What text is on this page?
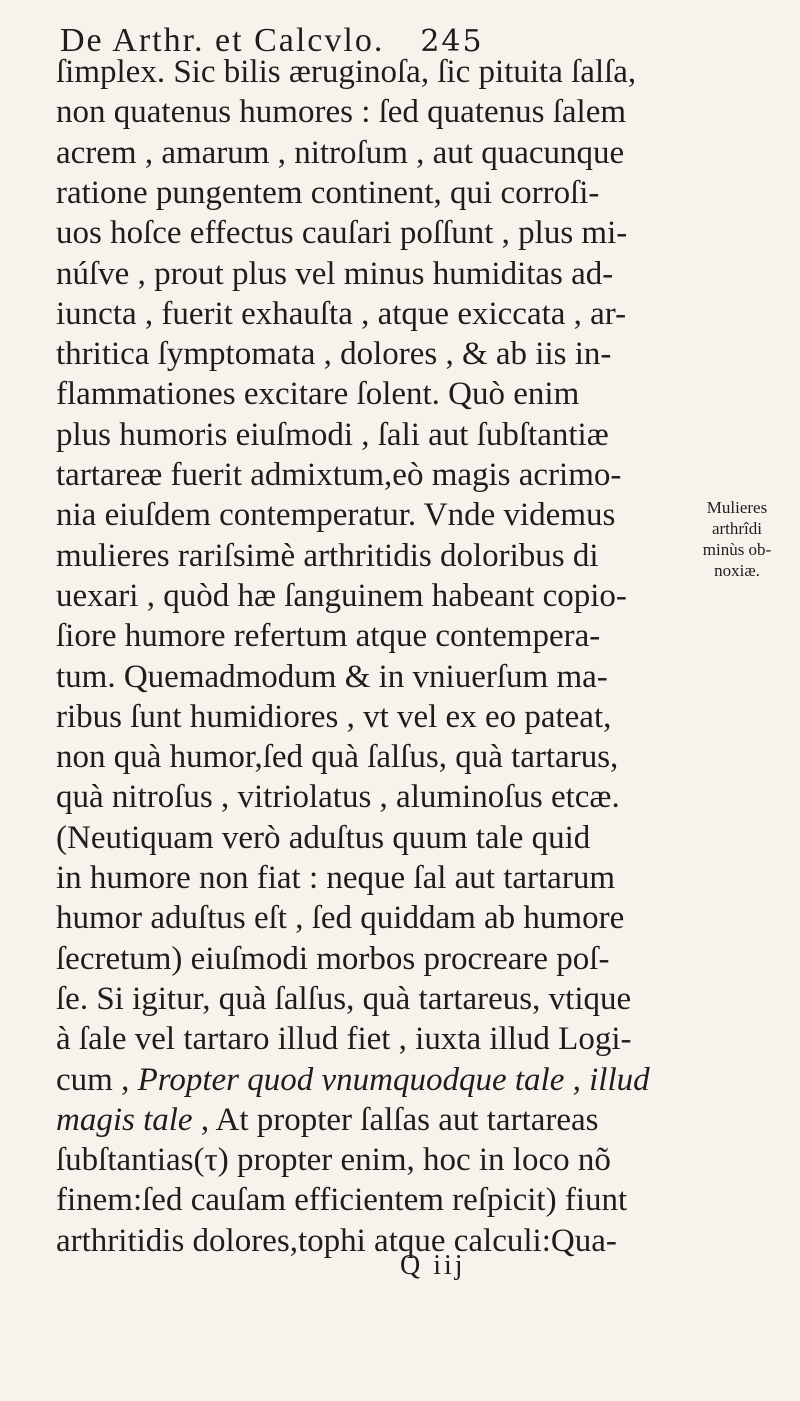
De Arthr. et Calcvlo. 245
ſimplex. Sic bilis æruginoſa, ſic pituita ſalſa,
non quatenus humores : ſed quatenus ſalem
acrem , amarum , nitroſum , aut quacunque
ratione pungentem continent, qui corroſi-
uos hoſce effectus cauſari poſſunt , plus mi-
núſve , prout plus vel minus humiditas ad-
iuncta , fuerit exhauſta , atque exiccata , ar-
thritica ſymptomata , dolores , & ab iis in-
flammationes excitare ſolent. Quò enim
plus humoris eiuſmodi , ſali aut ſubſtantiæ
tartareæ fuerit admixtum,eò magis acrimo-
nia eiuſdem contemperatur. Vnde videmus
mulieres rariſsimè arthritidis doloribus di
uexari , quòd hæ ſanguinem habeant copio-
ſiore humore refertum atque contempera-
tum. Quemadmodum & in vniuerſum ma-
ribus ſunt humidiores , vt vel ex eo pateat,
non quà humor,ſed quà ſalſus, quà tartarus,
quà nitroſus , vitriolatus , aluminoſus etcæ.
(Neutiquam verò aduſtus quum tale quid
in humore non fiat : neque ſal aut tartarum
humor aduſtus eſt , ſed quiddam ab humore
ſecretum) eiuſmodi morbos procreare poſ-
ſe. Si igitur, quà ſalſus, quà tartareus, vtique
à ſale vel tartaro illud fiet , iuxta illud Logi-
cum , Propter quod vnumquodque tale , illud
magis tale , At propter ſalſas aut tartareas
ſubſtantias(τ) propter enim, hoc in loco nõ
finem:ſed cauſam efficientem reſpicit) fiunt
arthritidis dolores,tophi atque calculi:Qua-
Mulieres
arthrîdi
minùs ob-
noxiæ.
Q iij
